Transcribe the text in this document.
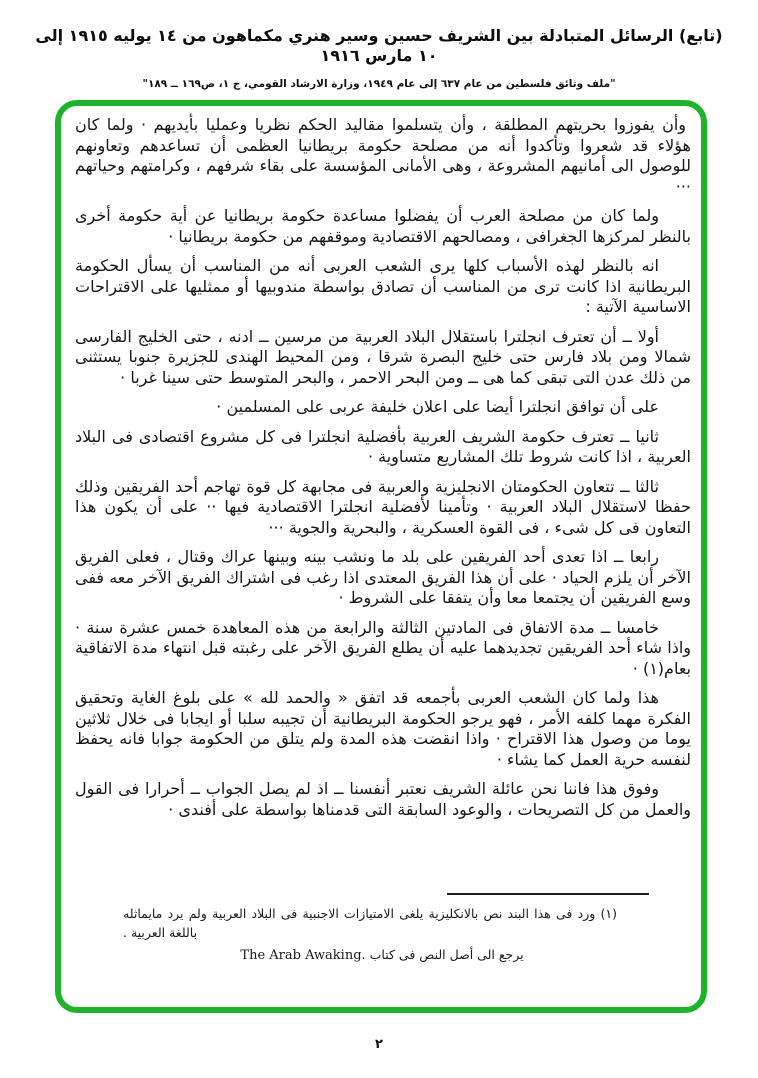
(تابع) الرسائل المتبادلة بين الشريف حسين وسير هنري مكماهون من ١٤ يوليه ١٩١٥ إلى ١٠ مارس ١٩١٦
"ملف وثائق فلسطين من عام ٦٣٧ إلى عام ١٩٤٩، وزارة الارشاد القومي، ج ١، ص١٦٩ ــ ١٨٩"

وأن يفوزوا بحريتهم المطلقة ، وأن يتسلموا مقاليد الحكم نظريا وعمليا بأيديهم · ولما كان هؤلاء قد شعروا وتأكدوا أنه من مصلحة حكومة بريطانيا العظمى أن تساعدهم وتعاونهم للوصول الى أمانيهم المشروعة ، وهى الأمانى المؤسسة على بقاء شرفهم ، وكرامتهم وحياتهم ···

ولما كان من مصلحة العرب أن يفضلوا مساعدة حكومة بريطانيا عن أية حكومة أخرى بالنظر لمركزها الجغرافى ، ومصالحهم الاقتصادية وموقفهم من حكومة بريطانيا ·

انه بالنظر لهذه الأسباب كلها يرى الشعب العربى أنه من المناسب أن يسأل الحكومة البريطانية اذا كانت ترى من المناسب أن تصادق بواسطة مندوبيها أو ممثليها على الاقتراحات الاساسية الآتية :

أولا ــ أن تعترف انجلترا باستقلال البلاد العربية من مرسين ــ ادنه ، حتى الخليج الفارسى شمالا ومن بلاد فارس حتى خليج البصرة شرقا ، ومن المحيط الهندى للجزيرة جنوبا يستثنى من ذلك عدن التى تبقى كما هى ــ ومن البحر الاحمر ، والبحر المتوسط حتى سينا غربا ·

على أن توافق انجلترا أيضا على اعلان خليفة عربى على المسلمين ·

ثانيا ــ تعترف حكومة الشريف العربية بأفضلية انجلترا فى كل مشروع اقتصادى فى البلاد العربية ، اذا كانت شروط تلك المشاريع متساوية ·

ثالثا ــ تتعاون الحكومتان الانجليزية والعربية فى مجابهة كل قوة تهاجم أحد الفريقين وذلك حفظا لاستقلال البلاد العربية · وتأمينا لأفضلية انجلترا الاقتصادية فيها ·· على أن يكون هذا التعاون فى كل شىء ، فى القوة العسكرية ، والبحرية والجوية ···

رابعا ــ اذا تعدى أحد الفريقين على بلد ما ونشب بينه وبينها عراك وقتال ، فعلى الفريق الآخر أن يلزم الحياد · على أن هذا الفريق المعتدى اذا رغب فى اشتراك الفريق الآخر معه ففى وسع الفريقين أن يجتمعا معا وأن يتفقا على الشروط ·

خامسا ــ مدة الاتفاق فى المادتين الثالثة والرابعة من هذه المعاهدة خمس عشرة سنة · واذا شاء أحد الفريقين تجديدهما عليه أن يطلع الفريق الآخر على رغبته قبل انتهاء مدة الاتفاقية بعام(١) ·

هذا ولما كان الشعب العربى بأجمعه قد اتفق « والحمد لله » على بلوغ الغاية وتحقيق الفكرة مهما كلفه الأمر ، فهو يرجو الحكومة البريطانية أن تجيبه سلبا أو ايجابا فى خلال ثلاثين يوما من وصول هذا الاقتراح · واذا انقضت هذه المدة ولم يتلق من الحكومة جوابا فانه يحفظ لنفسه حرية العمل كما يشاء ·

وفوق هذا فاننا نحن عائلة الشريف نعتبر أنفسنا ــ اذ لم يصل الجواب ــ أحرارا فى القول والعمل من كل التصريحات ، والوعود السابقة التى قدمناها بواسطة على أفندى ·

(١) ورد فى هذا البند نص بالانكليزية يلغى الامتيازات الاجنبية فى البلاد العربية ولم يرد مايماثله باللغة العربية .

يرجع الى أصل النص فى كتاب The Arab Awaking.
٢
